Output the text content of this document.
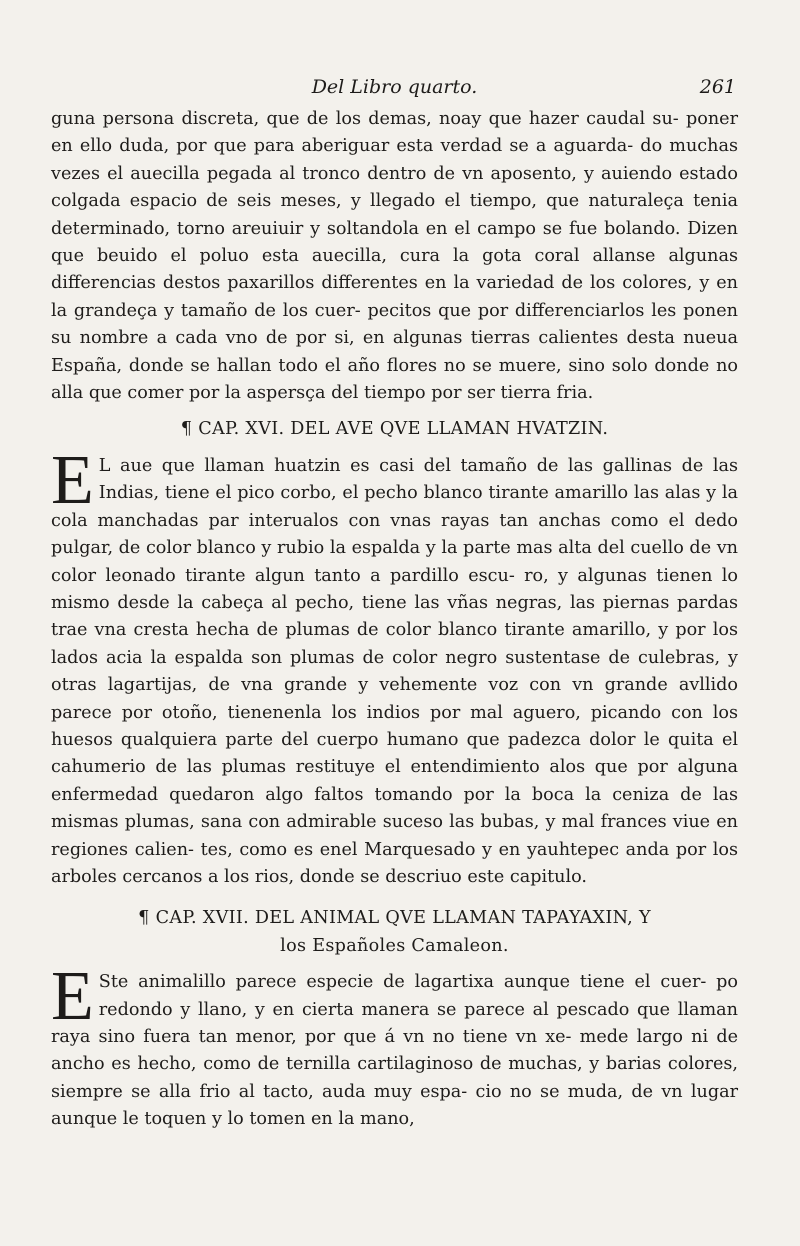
Del Libro quarto.	261

guna persona discreta, que de los demas, noay que hazer caudal su- poner en ello duda, por que para aberiguar esta verdad se a aguarda- do muchas vezes el auecilla pegada al tronco dentro de vn aposento, y auiendo estado colgada espacio de seis meses, y llegado el tiempo, que naturaleça tenia determinado, torno areuiuir y soltandola en el campo se fue bolando. Dizen que beuido el poluo esta auecilla, cura la gota coral allanse algunas differencias destos paxarillos differentes en la variedad de los colores, y en la grandeça y tamaño de los cuer- pecitos que por differenciarlos les ponen su nombre a cada vno de por si, en algunas tierras calientes desta nueua España, donde se hallan todo el año flores no se muere, sino solo donde no alla que comer por la aspersça del tiempo por ser tierra fria.

¶ CAP. XVI. DEL AVE QVE LLAMAN HVATZIN.

E L aue que llaman huatzin es casi del tamaño de las gallinas de las Indias, tiene el pico corbo, el pecho blanco tirante amarillo las alas y la cola manchadas par interualos con vnas rayas tan anchas como el dedo pulgar, de color blanco y rubio la espalda y la parte mas alta del cuello de vn color leonado tirante algun tanto a pardillo escu- ro, y algunas tienen lo mismo desde la cabeça al pecho, tiene las vñas negras, las piernas pardas trae vna cresta hecha de plumas de color blanco tirante amarillo, y por los lados acia la espalda son plumas de color negro sustentase de culebras, y otras lagartijas, de vna grande y vehemente voz con vn grande avllido parece por otoño, tienenenla los indios por mal aguero, picando con los huesos qualquiera parte del cuerpo humano que padezca dolor le quita el cahumerio de las plumas restituye el entendimiento alos que por alguna enfermedad quedaron algo faltos tomando por la boca la ceniza de las mismas plumas, sana con admirable suceso las bubas, y mal frances viue en regiones calien- tes, como es enel Marquesado y en yauhtepec anda por los arboles cercanos a los rios, donde se descriuo este capitulo.

¶ CAP. XVII. DEL ANIMAL QVE LLAMAN TAPAYAXIN, Y
los Españoles Camaleon.

E Ste animalillo parece especie de lagartixa aunque tiene el cuer- po redondo y llano, y en cierta manera se parece al pescado que llaman raya sino fuera tan menor, por que á vn no tiene vn xe- mede largo ni de ancho es hecho, como de ternilla cartilaginoso de muchas, y barias colores, siempre se alla frio al tacto, auda muy espa- cio no se muda, de vn lugar aunque le toquen y lo tomen en la mano,
